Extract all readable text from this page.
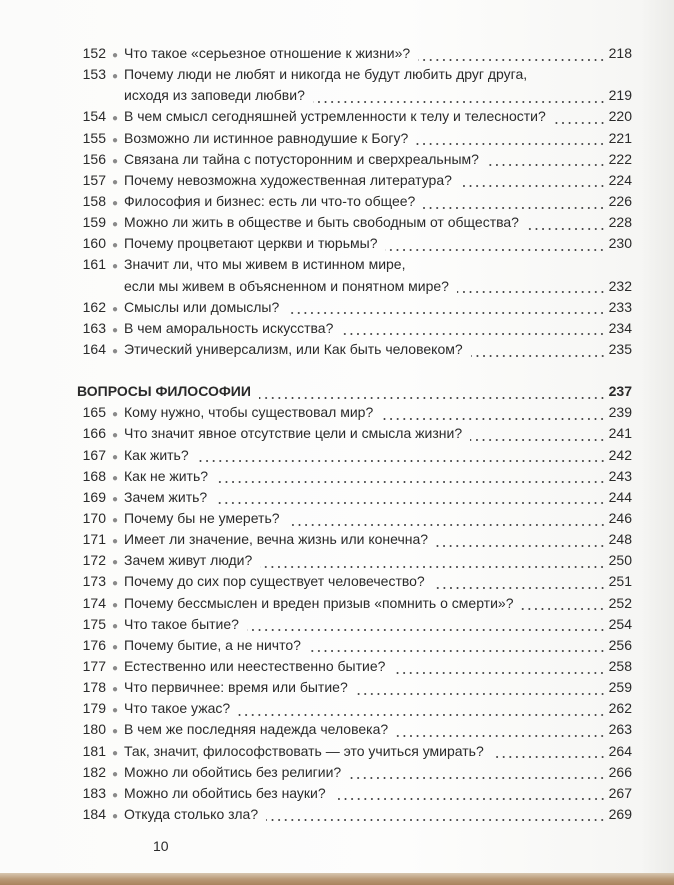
152 ● Что такое «серьезное отношение к жизни»?	218
153 ● Почему люди не любят и никогда не будут любить друг друга,
исходя из заповеди любви?	219
154 ● В чем смысл сегодняшней устремленности к телу и телесности?	220
155 ● Возможно ли истинное равнодушие к Богу?	221
156 ● Связана ли тайна с потусторонним и сверхреальным?	222
157 ● Почему невозможна художественная литература?	224
158 ● Философия и бизнес: есть ли что-то общее?	226
159 ● Можно ли жить в обществе и быть свободным от общества?	228
160 ● Почему процветают церкви и тюрьмы?	230
161 ● Значит ли, что мы живем в истинном мире,
если мы живем в объясненном и понятном мире?	232
162 ● Смыслы или домыслы?	233
163 ● В чем аморальность искусства?	234
164 ● Этический универсализм, или Как быть человеком?	235
ВОПРОСЫ ФИЛОСОФИИ	237
165 ● Кому нужно, чтобы существовал мир?	239
166 ● Что значит явное отсутствие цели и смысла жизни?	241
167 ● Как жить?	242
168 ● Как не жить?	243
169 ● Зачем жить?	244
170 ● Почему бы не умереть?	246
171 ● Имеет ли значение, вечна жизнь или конечна?	248
172 ● Зачем живут люди?	250
173 ● Почему до сих пор существует человечество?	251
174 ● Почему бессмыслен и вреден призыв «помнить о смерти»?	252
175 ● Что такое бытие?	254
176 ● Почему бытие, а не ничто?	256
177 ● Естественно или неестественно бытие?	258
178 ● Что первичнее: время или бытие?	259
179 ● Что такое ужас?	262
180 ● В чем же последняя надежда человека?	263
181 ● Так, значит, философствовать — это учиться умирать?	264
182 ● Можно ли обойтись без религии?	266
183 ● Можно ли обойтись без науки?	267
184 ● Откуда столько зла?	269
10
